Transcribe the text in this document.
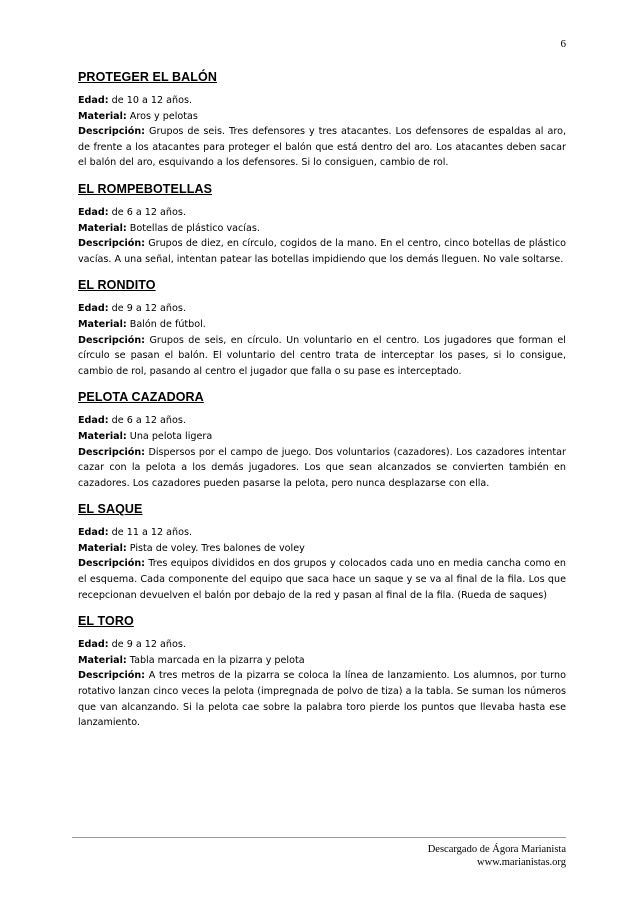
6
PROTEGER EL BALÓN

Edad: de 10 a 12 años.

Material: Aros y pelotas

Descripción: Grupos de seis. Tres defensores y tres atacantes. Los defensores de espaldas al aro, de frente a los atacantes para proteger el balón que está dentro del aro. Los atacantes deben sacar el balón del aro, esquivando a los defensores. Si lo consiguen, cambio de rol.

EL ROMPEBOTELLAS

Edad: de 6 a 12 años.

Material: Botellas de plástico vacías.

Descripción: Grupos de diez, en círculo, cogidos de la mano. En el centro, cinco botellas de plástico vacías. A una señal, intentan patear las botellas impidiendo que los demás lleguen. No vale soltarse.

EL RONDITO

Edad: de 9 a 12 años.

Material: Balón de fútbol.

Descripción: Grupos de seis, en círculo. Un voluntario en el centro. Los jugadores que forman el círculo se pasan el balón. El voluntario del centro trata de interceptar los pases, si lo consigue, cambio de rol, pasando al centro el jugador que falla o su pase es interceptado.

PELOTA CAZADORA

Edad: de 6 a 12 años.

Material: Una pelota ligera

Descripción: Dispersos por el campo de juego. Dos voluntarios (cazadores). Los cazadores intentar cazar con la pelota a los demás jugadores. Los que sean alcanzados se convierten también en cazadores. Los cazadores pueden pasarse la pelota, pero nunca desplazarse con ella.

EL SAQUE

Edad: de 11 a 12 años.

Material: Pista de voley. Tres balones de voley

Descripción: Tres equipos divididos en dos grupos y colocados cada uno en media cancha como en el esquema. Cada componente del equipo que saca hace un saque y se va al final de la fila. Los que recepcionan devuelven el balón por debajo de la red y pasan al final de la fila. (Rueda de saques)

EL TORO

Edad: de 9 a 12 años.

Material: Tabla marcada en la pizarra y pelota

Descripción: A tres metros de la pizarra se coloca la línea de lanzamiento. Los alumnos, por turno rotativo lanzan cinco veces la pelota (impregnada de polvo de tiza) a la tabla. Se suman los números que van alcanzando. Si la pelota cae sobre la palabra toro pierde los puntos que llevaba hasta ese lanzamiento.

Descargado de Ágora Marianista
www.marianistas.org
